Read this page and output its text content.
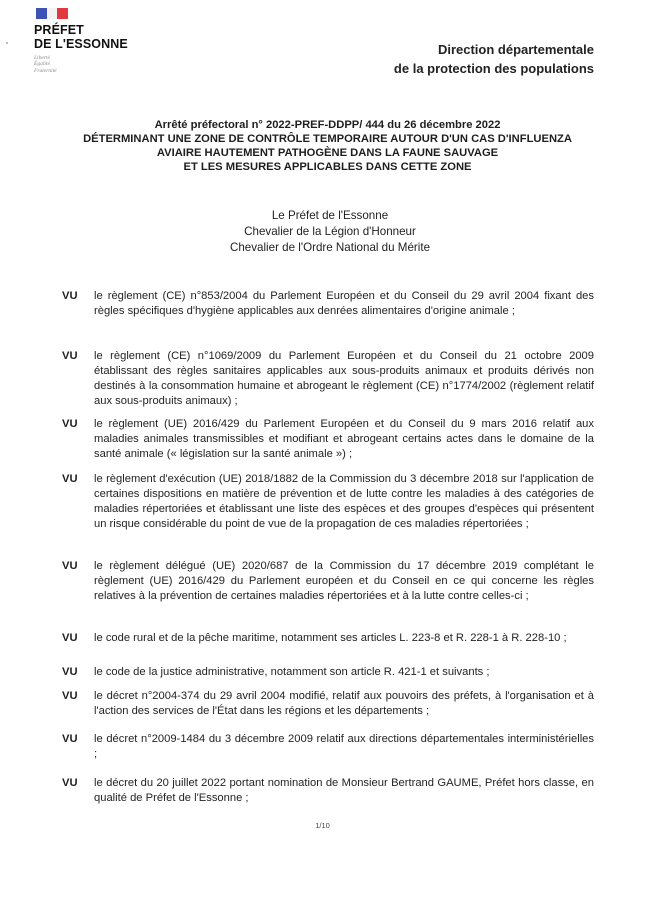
PRÉFET
DE L'ESSONNE
Liberté
Égalité
Fraternité
Direction départementale
de la protection des populations
Arrêté préfectoral n° 2022-PREF-DDPP/ 444 du 26 décembre 2022
DÉTERMINANT UNE ZONE DE CONTRÔLE TEMPORAIRE AUTOUR D'UN CAS D'INFLUENZA
AVIAIRE HAUTEMENT PATHOGÈNE DANS LA FAUNE SAUVAGE
ET LES MESURES APPLICABLES DANS CETTE ZONE
Le Préfet de l'Essonne
Chevalier de la Légion d'Honneur
Chevalier de l'Ordre National du Mérite
VU le règlement (CE) n°853/2004 du Parlement Européen et du Conseil du 29 avril 2004 fixant des règles spécifiques d'hygiène applicables aux denrées alimentaires d'origine animale ;
VU le règlement (CE) n°1069/2009 du Parlement Européen et du Conseil du 21 octobre 2009 établissant des règles sanitaires applicables aux sous-produits animaux et produits dérivés non destinés à la consommation humaine et abrogeant le règlement (CE) n°1774/2002 (règlement relatif aux sous-produits animaux) ;
VU le règlement (UE) 2016/429 du Parlement Européen et du Conseil du 9 mars 2016 relatif aux maladies animales transmissibles et modifiant et abrogeant certains actes dans le domaine de la santé animale (« législation sur la santé animale ») ;
VU le règlement d'exécution (UE) 2018/1882 de la Commission du 3 décembre 2018 sur l'application de certaines dispositions en matière de prévention et de lutte contre les maladies à des catégories de maladies répertoriées et établissant une liste des espèces et des groupes d'espèces qui présentent un risque considérable du point de vue de la propagation de ces maladies répertoriées ;
VU le règlement délégué (UE) 2020/687 de la Commission du 17 décembre 2019 complétant le règlement (UE) 2016/429 du Parlement européen et du Conseil en ce qui concerne les règles relatives à la prévention de certaines maladies répertoriées et à la lutte contre celles-ci ;
VU le code rural et de la pêche maritime, notamment ses articles L. 223-8 et R. 228-1 à R. 228-10 ;
VU le code de la justice administrative, notamment son article R. 421-1 et suivants ;
VU le décret n°2004-374 du 29 avril 2004 modifié, relatif aux pouvoirs des préfets, à l'organisation et à l'action des services de l'État dans les régions et les départements ;
VU le décret n°2009-1484 du 3 décembre 2009 relatif aux directions départementales interministérielles ;
VU le décret du 20 juillet 2022 portant nomination de Monsieur Bertrand GAUME, Préfet hors classe, en qualité de Préfet de l'Essonne ;
1/10
